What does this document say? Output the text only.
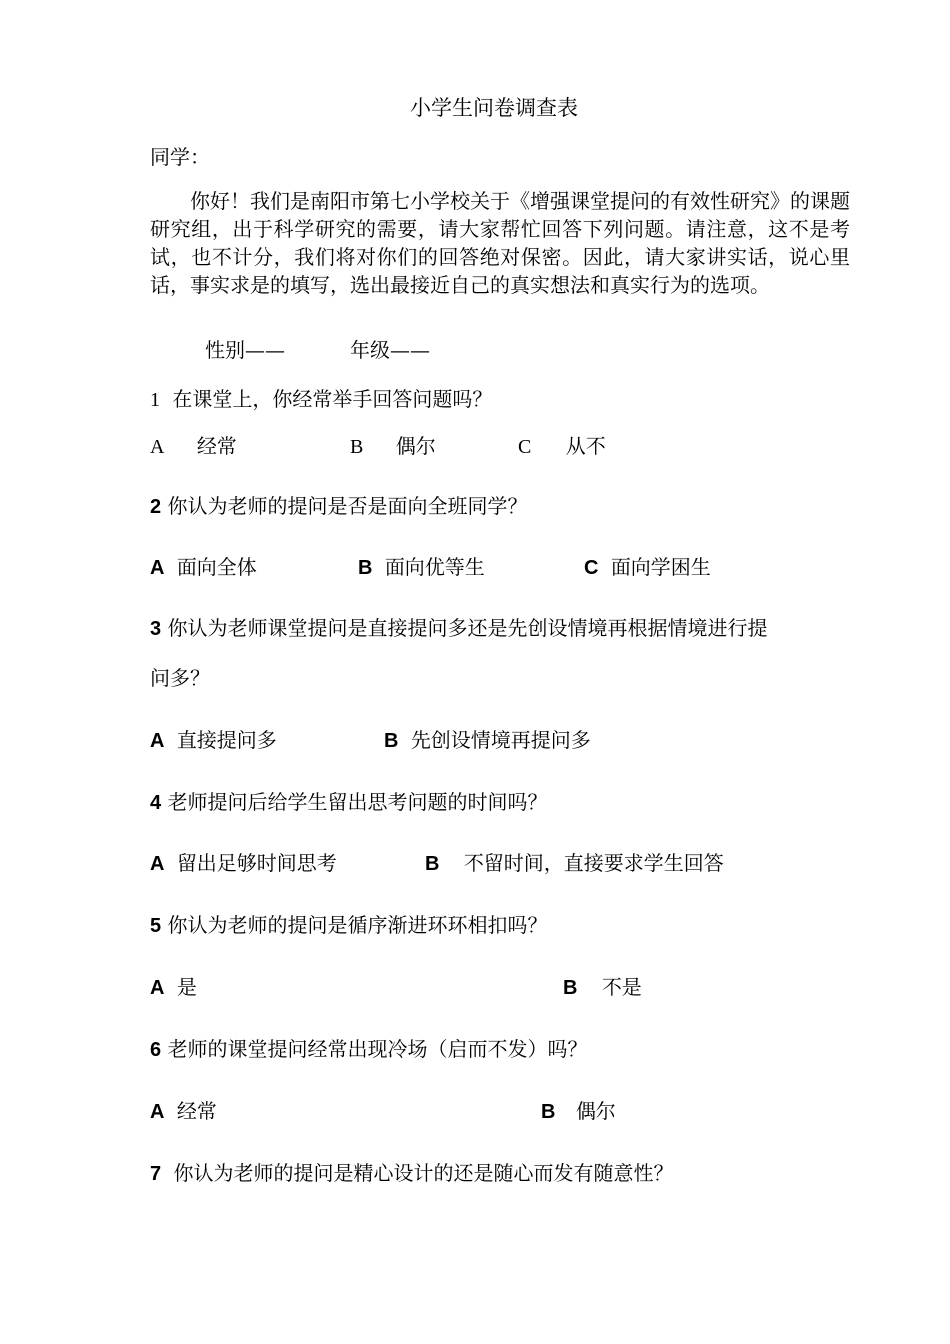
小学生问卷调查表
同学：
你好！我们是南阳市第七小学校关于《增强课堂提问的有效性研究》的课题研究组，出于科学研究的需要，请大家帮忙回答下列问题。请注意，这不是考试，也不计分，我们将对你们的回答绝对保密。因此，请大家讲实话，说心里话，事实求是的填写，选出最接近自己的真实想法和真实行为的选项。
性别——	年级——
1 在课堂上，你经常举手回答问题吗？
A 经常	B 偶尔	C 从不
2 你认为老师的提问是否是面向全班同学？
A 面向全体	B 面向优等生	C 面向学困生
3 你认为老师课堂提问是直接提问多还是先创设情境再根据情境进行提
问多？
A 直接提问多	B 先创设情境再提问多
4 老师提问后给学生留出思考问题的时间吗？
A 留出足够时间思考	B 不留时间，直接要求学生回答
5 你认为老师的提问是循序渐进环环相扣吗？
A 是	B 不是
6 老师的课堂提问经常出现冷场（启而不发）吗？
A 经常	B 偶尔
7 你认为老师的提问是精心设计的还是随心而发有随意性？
